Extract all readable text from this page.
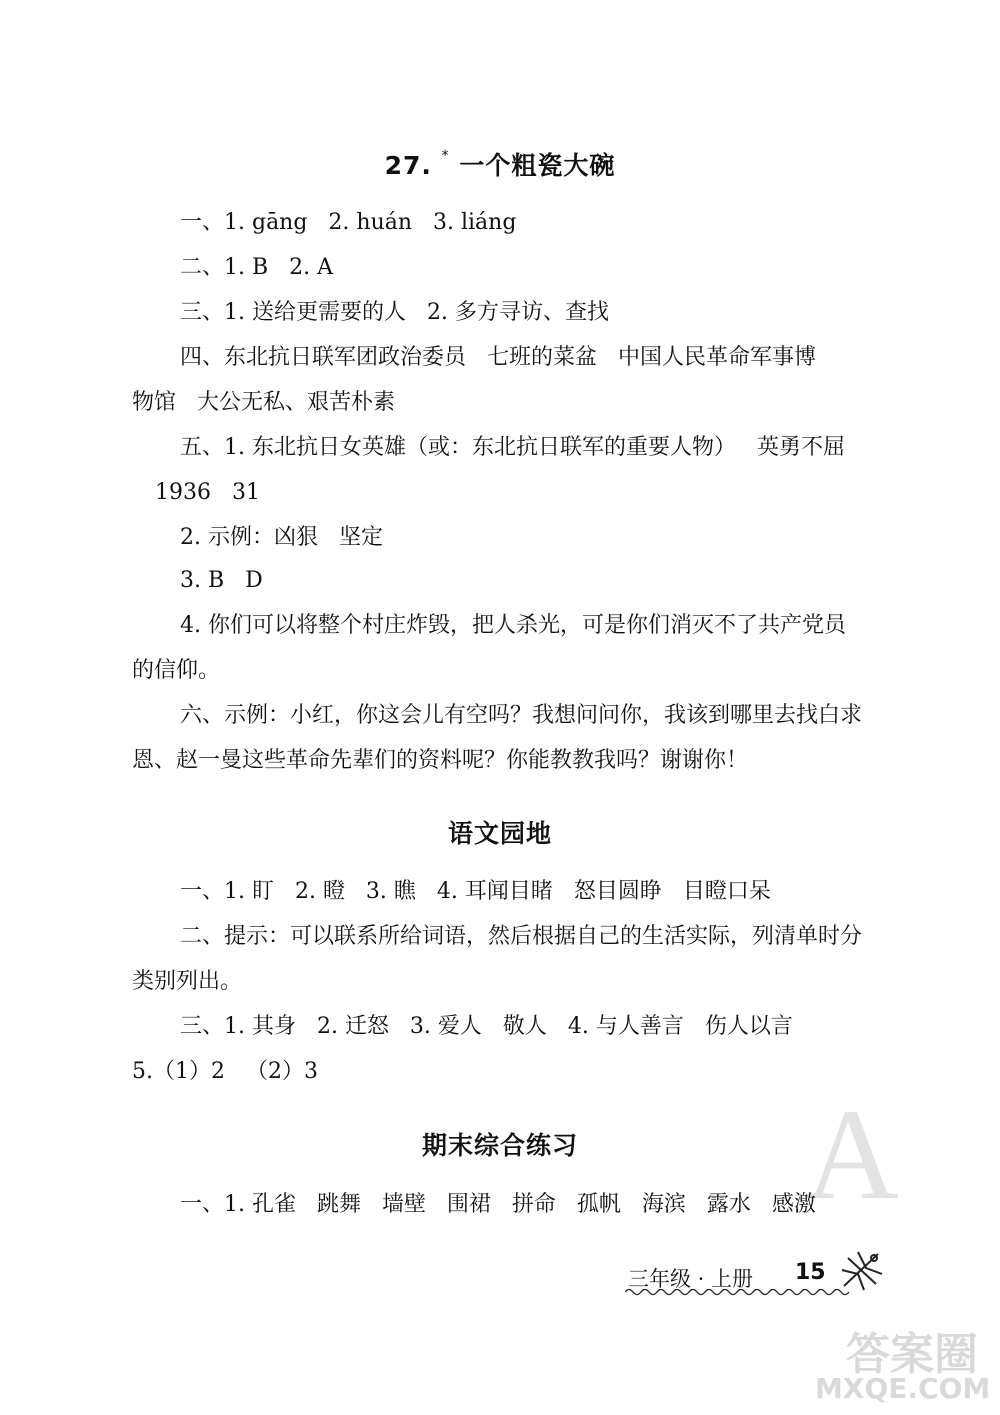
A
27. * 一个粗瓷大碗
一、1. gāng   2. huán   3. liáng
二、1. B   2. A
三、1. 送给更需要的人   2. 多方寻访、查找
四、东北抗日联军团政治委员   七班的菜盆   中国人民革命军事博
物馆   大公无私、艰苦朴素
五、1. 东北抗日女英雄（或：东北抗日联军的重要人物）   英勇不屈
1936   31
2. 示例：凶狠   坚定
3. B   D
4. 你们可以将整个村庄炸毁，把人杀光，可是你们消灭不了共产党员
的信仰。
六、示例：小红，你这会儿有空吗？我想问问你，我该到哪里去找白求
恩、赵一曼这些革命先辈们的资料呢？你能教教我吗？谢谢你！
语文园地
一、1. 盯   2. 瞪   3. 瞧   4. 耳闻目睹   怒目圆睁   目瞪口呆
二、提示：可以联系所给词语，然后根据自己的生活实际，列清单时分
类别列出。
三、1. 其身   2. 迁怒   3. 爱人   敬人   4. 与人善言   伤人以言
5.（1）2   （2）3
期末综合练习
一、1. 孔雀   跳舞   墙壁   围裙   拼命   孤帆   海滨   露水   感激
三年级 · 上册 15
答案圈
MXQE.COM
